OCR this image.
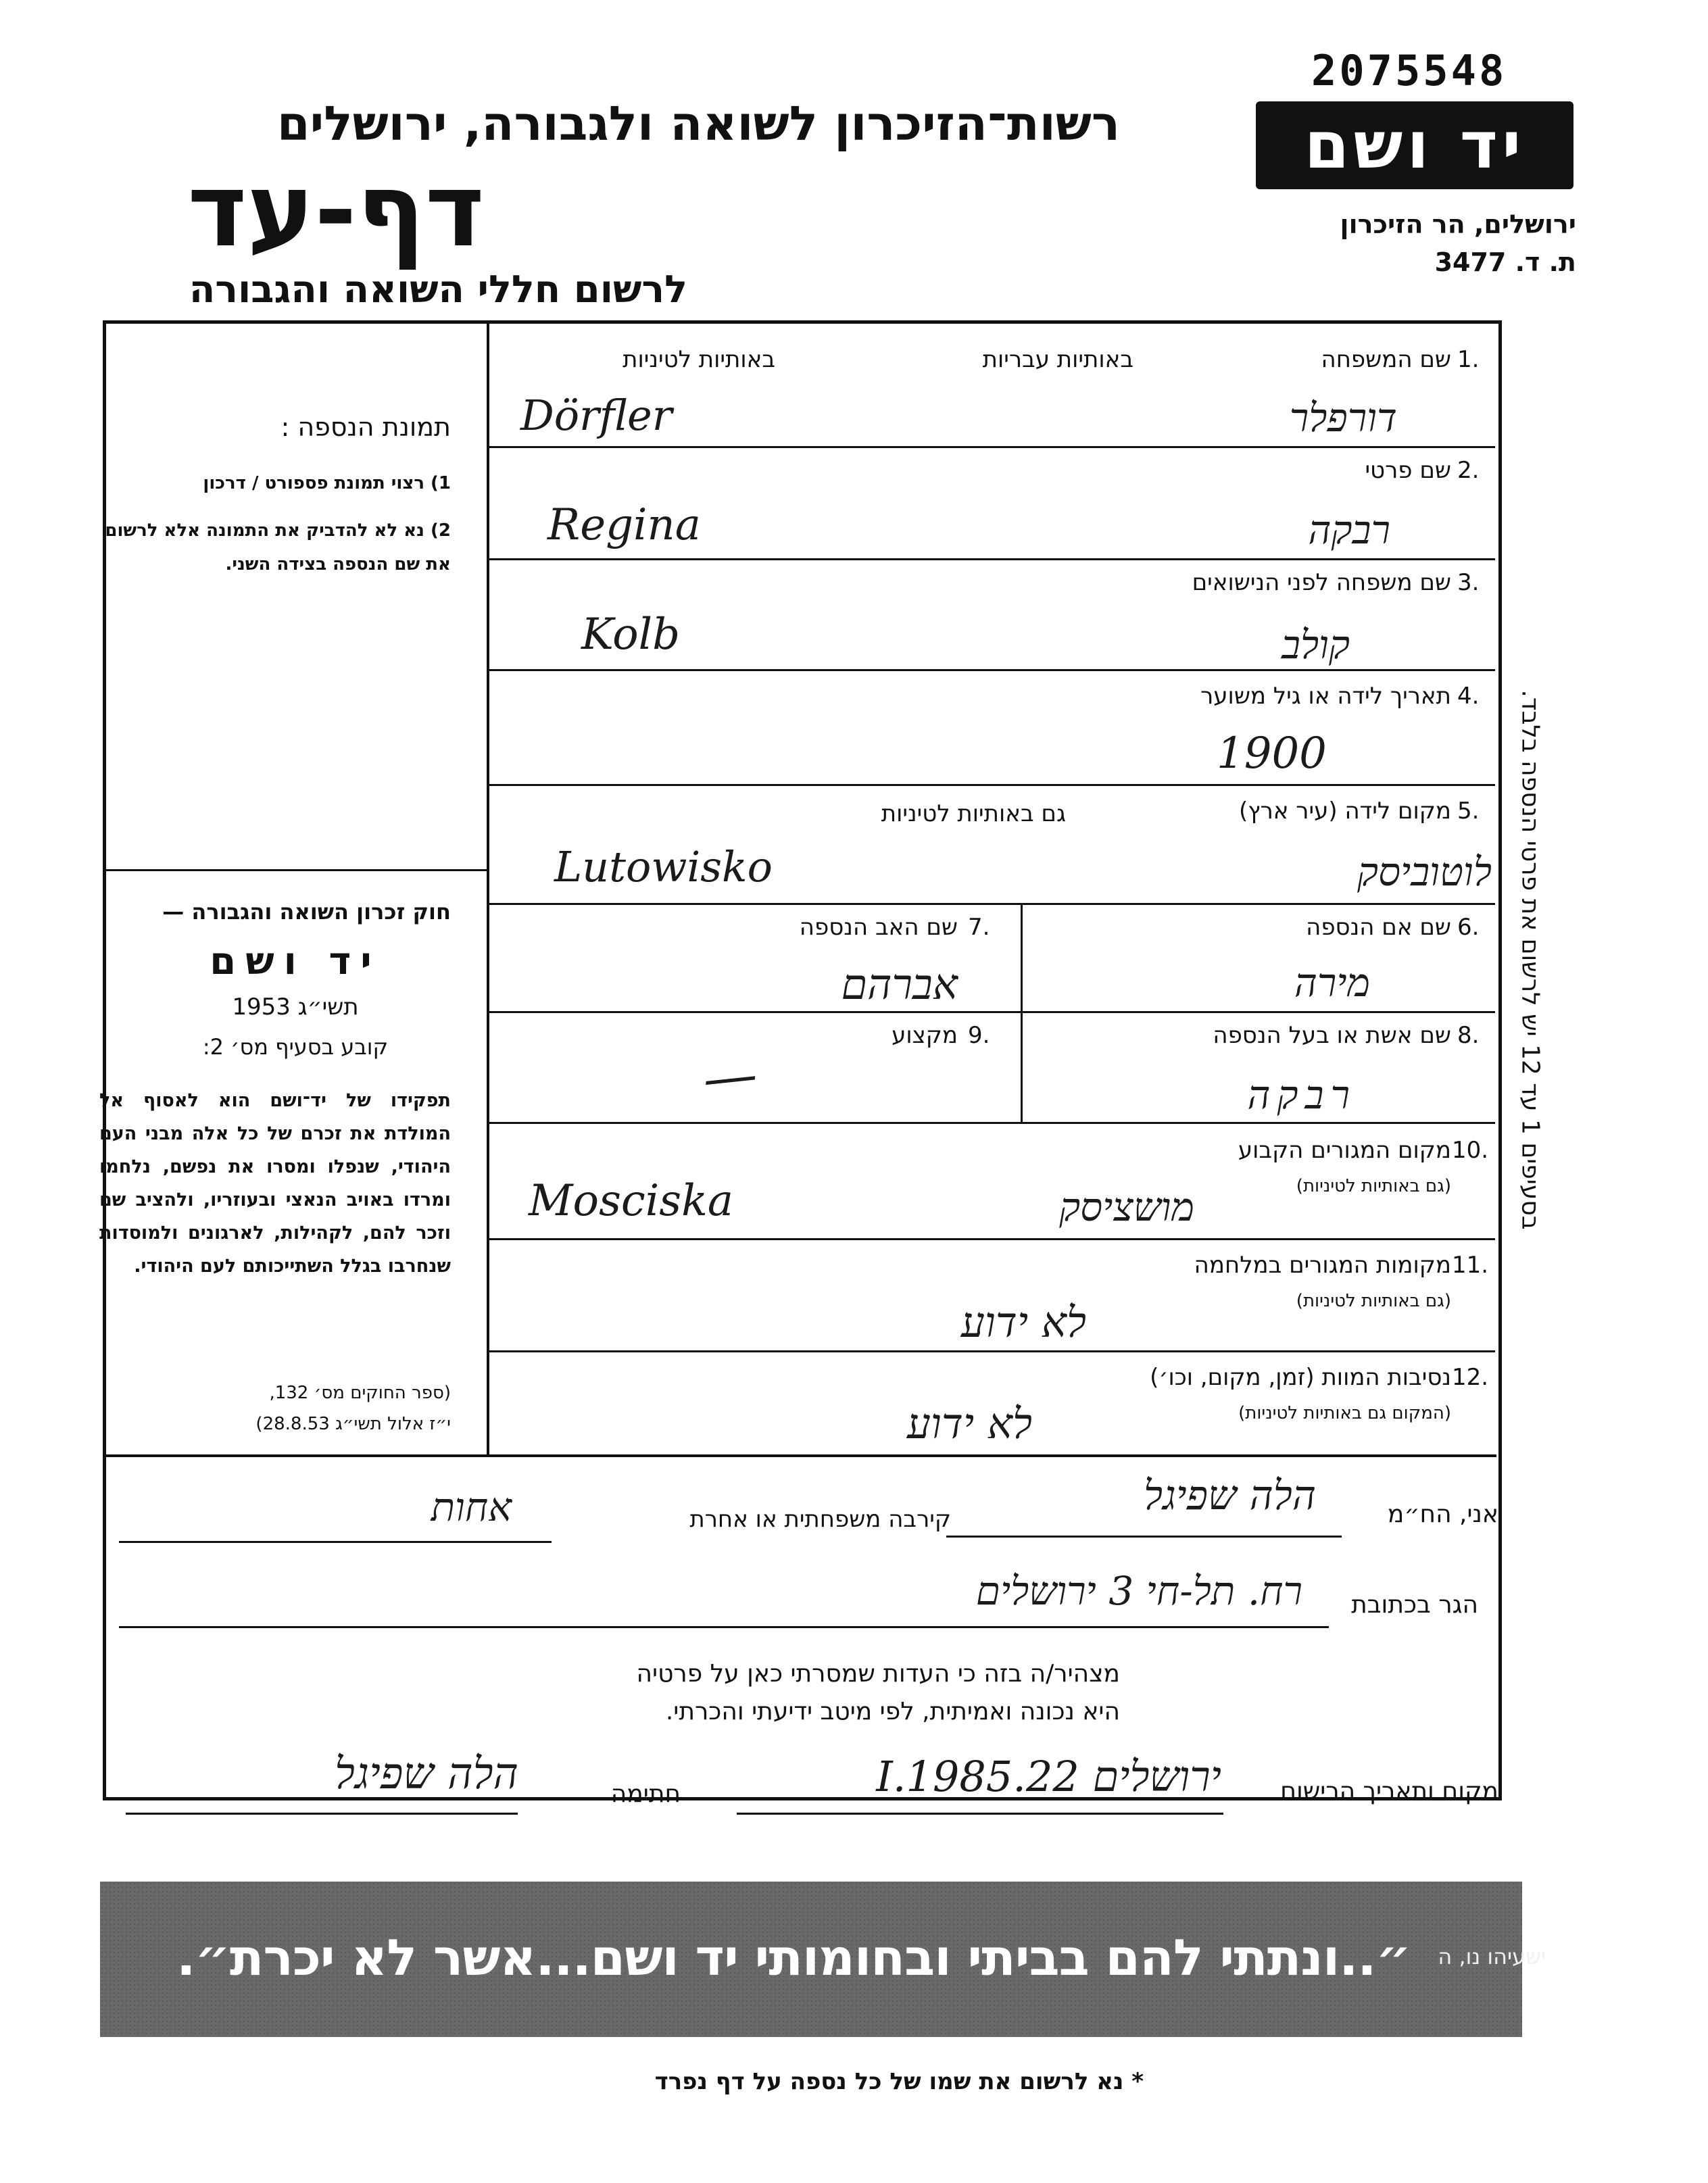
2075548
רשות־הזיכרון לשואה ולגבורה, ירושלים
דף-עד
לרשום חללי השואה והגבורה
יד ושם
ירושלים, הר הזיכרון
ת. ד. 3477
באותיות עבריות
באותיות לטיניות	1.
שם המשפחה
דורפלר
Dörfler
2.
שם פרטי
רבקה
Regina
3.
שם משפחה לפני הנישואים
קולב
Kolb
4.
תאריך לידה או גיל משוער
1900
5.
מקום לידה (עיר ארץ)
גם באותיות לטיניות
לוטוביסק
Lutowisko
6.
שם אם הנספה
מירה
7.
שם האב הנספה
אברהם
8.
שם אשת או בעל הנספה
רבקה
9.
מקצוע
—
10.
מקום המגורים הקבוע
(גם באותיות לטיניות)
מושציסק
Mosciska
11.
מקומות המגורים במלחמה
(גם באותיות לטיניות)
לא ידוע
12.
נסיבות המוות (זמן, מקום, וכו׳)
(המקום גם באותיות לטיניות)
לא ידוע
תמונת הנספה :
1) רצוי תמונת פספורט / דרכון
2) נא לא להדביק את התמונה אלא לרשום את שם הנספה בצידה השני.
חוק זכרון השואה והגבורה —
יד ושם
תשי״ג 1953
קובע בסעיף מס׳ 2:
תפקידו של יד־ושם הוא לאסוף אל המולדת את זכרם של כל אלה מבני העם היהודי, שנפלו ומסרו את נפשם, נלחמו ומרדו באויב הנאצי ובעוזריו, ולהציב שם וזכר להם, לקהילות, לארגונים ולמוסדות שנחרבו בגלל השתייכותם לעם היהודי.
(ספר החוקים מס׳ 132,
י״ז אלול תשי״ג 28.8.53)
בסעיפים 1 עד 12 יש לרשום את פרטי הנספה בלבד.
אני, הח״מ
הלה שפיגל
קירבה משפחתית או אחרת
אחות
הגר בכתובת
רח. תל-חי 3 ירושלים
מצהיר/ה בזה כי העדות שמסרתי כאן על פרטיה
היא נכונה ואמיתית, לפי מיטב ידיעתי והכרתי.
מקום ותאריך הרישום
ירושלים 22.I.1985
חתימה
הלה שפיגל
״..ונתתי להם בביתי ובחומותי יד ושם...אשר לא יכרת״. ישעיהו נו, ה
* נא לרשום את שמו של כל נספה על דף נפרד
